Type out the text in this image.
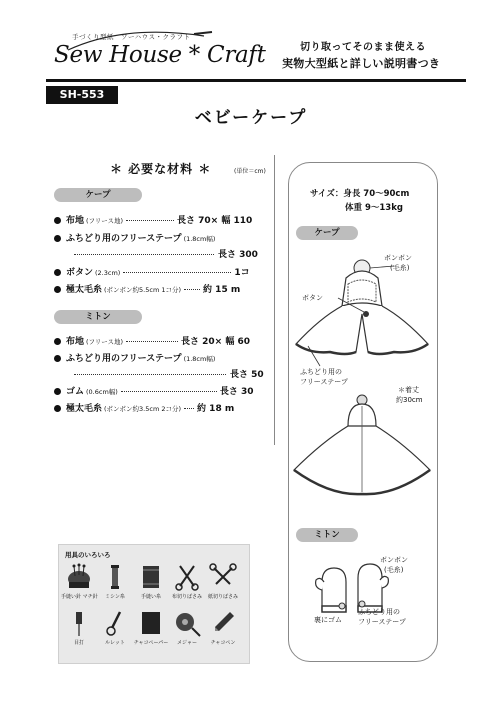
手づくり型紙　ソーハウス・クラフト
Sew House * Craft	切り取ってそのまま使える
実物大型紙と詳しい説明書つき
SH-553
ベビーケープ
＊ 必要な材料 ＊	(単位＝cm)
ケープ
布地 (フリース地)	長さ 70× 幅 110
ふちどり用のフリーステープ (1.8cm幅)
長さ 300
ボタン (2.3cm)	1コ
極太毛糸 (ボンボン約5.5cm 1コ分) 約 15 m
ミトン
布地 (フリース地)	長さ 20× 幅 60
ふちどり用のフリーステープ (1.8cm幅)
長さ 50
ゴム (0.6cm幅)	長さ 30
極太毛糸 (ボンボン約3.5cm 2コ分) 約 18 m
用具のいろいろ
手縫い針 マチ針	ミシン糸	手縫い糸	布切りばさみ	紙切りばさみ
目打	ルレット	チャコペーパー	メジャー	チャコペン
サイズ：身長 70〜90cm
体重 9〜13kg
ケープ
ボンボン
(毛糸)
ボタン
ふちどり用の
フリーステープ
＊着丈
約30cm
ミトン
ボンボン
(毛糸)
ふちどり用の
フリーステープ
裏にゴム
